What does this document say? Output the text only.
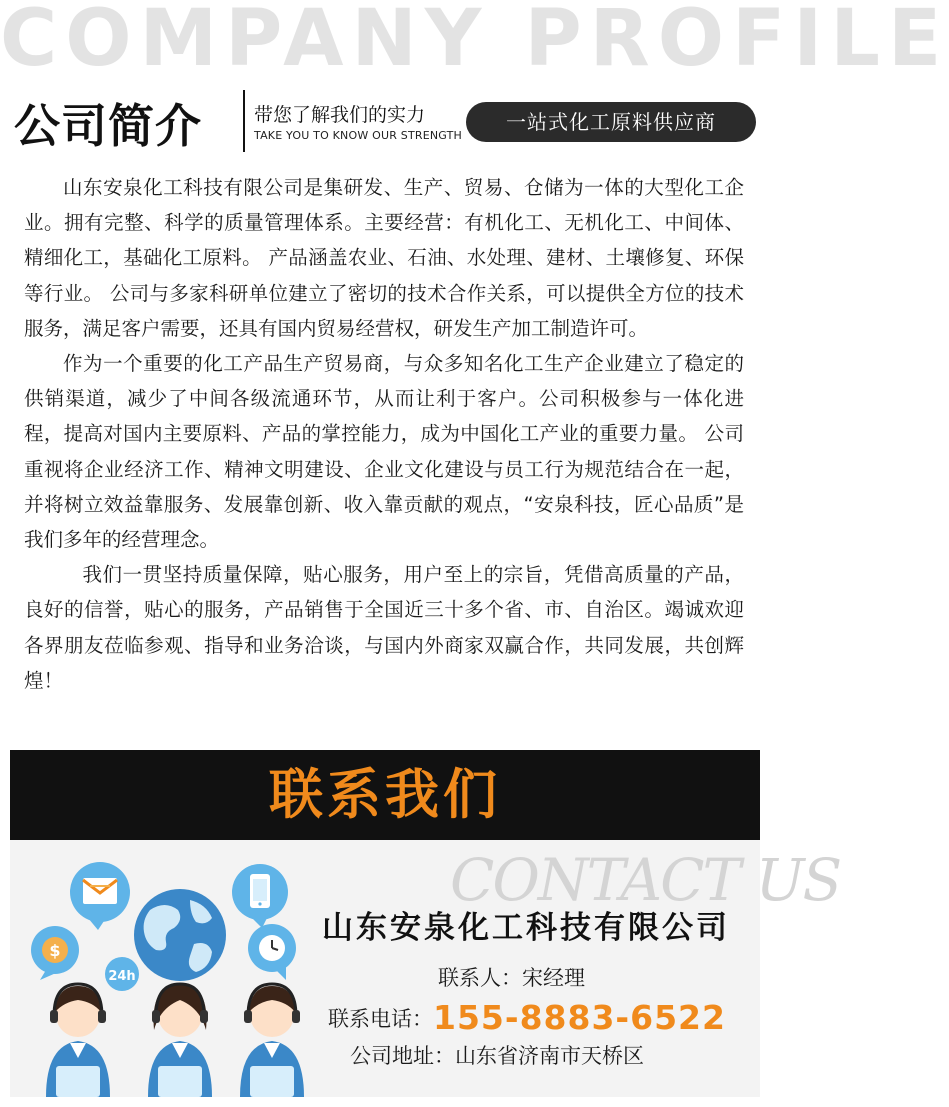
COMPANY PROFILE
公司简介	带您了解我们的实力
TAKE YOU TO KNOW OUR STRENGTH
一站式化工原料供应商

山东安泉化工科技有限公司是集研发、生产、贸易、仓储为一体的大型化工企业。拥有完整、科学的质量管理体系。主要经营：有机化工、无机化工、中间体、精细化工，基础化工原料。 产品涵盖农业、石油、水处理、建材、土壤修复、环保等行业。 公司与多家科研单位建立了密切的技术合作关系，可以提供全方位的技术服务，满足客户需要，还具有国内贸易经营权，研发生产加工制造许可。

作为一个重要的化工产品生产贸易商，与众多知名化工生产企业建立了稳定的供销渠道，减少了中间各级流通环节，从而让利于客户。公司积极参与一体化进程，提高对国内主要原料、产品的掌控能力，成为中国化工产业的重要力量。 公司重视将企业经济工作、精神文明建设、企业文化建设与员工行为规范结合在一起，并将树立效益靠服务、发展靠创新、收入靠贡献的观点，“安泉科技，匠心品质”是我们多年的经营理念。

我们一贯坚持质量保障，贴心服务，用户至上的宗旨，凭借高质量的产品，良好的信誉，贴心的服务，产品销售于全国近三十多个省、市、自治区。竭诚欢迎各界朋友莅临参观、指导和业务洽谈，与国内外商家双赢合作，共同发展，共创辉煌！

联系我们
CONTACT US
$
24h
山东安泉化工科技有限公司
联系人：宋经理
联系电话：155-8883-6522
公司地址：山东省济南市天桥区
